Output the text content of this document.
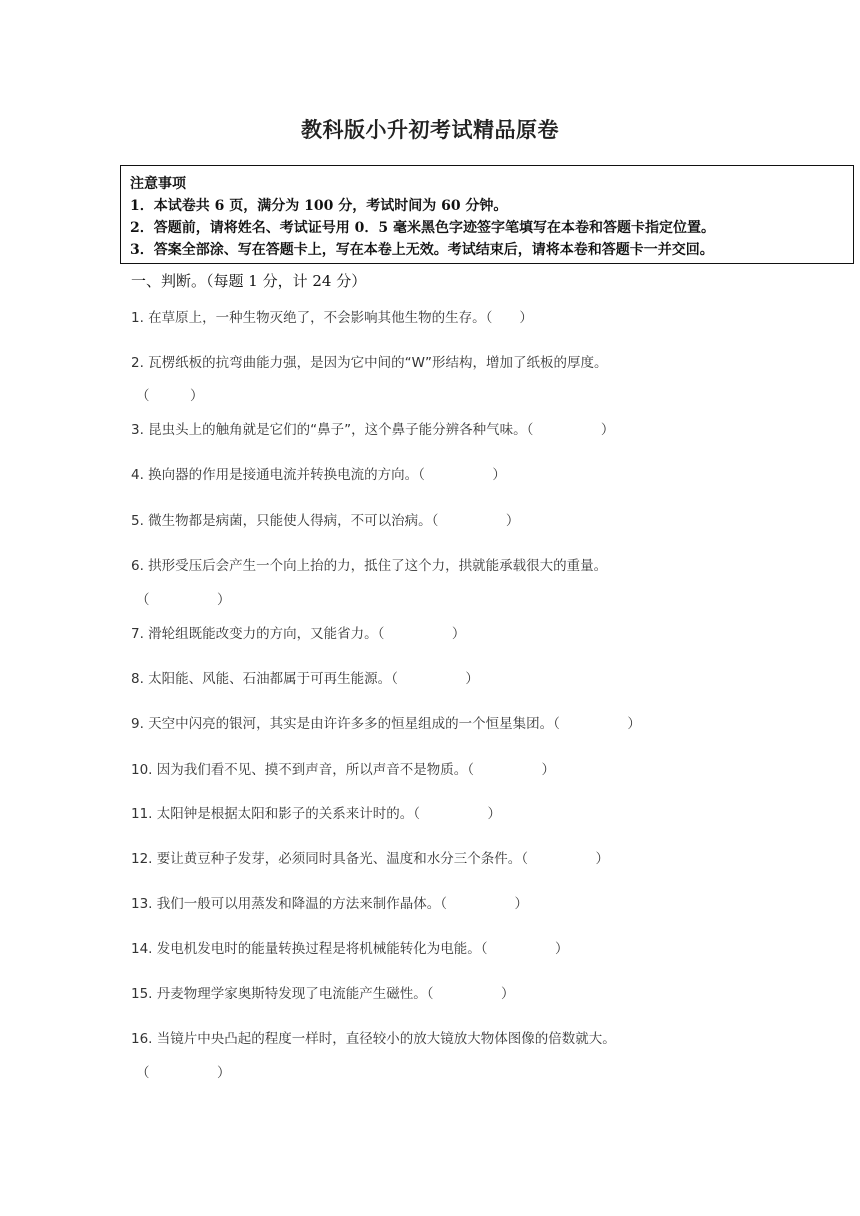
教科版小升初考试精品原卷
注意事项
1．本试卷共 6 页，满分为 100 分，考试时间为 60 分钟。
2．答题前，请将姓名、考试证号用 0．5 毫米黑色字迹签字笔填写在本卷和答题卡指定位置。
3．答案全部涂、写在答题卡上，写在本卷上无效。考试结束后，请将本卷和答题卡一并交回。
一、判断。（每题 1 分，计 24 分）
1. 在草原上，一种生物灭绝了，不会影响其他生物的生存。（　　）
2. 瓦楞纸板的抗弯曲能力强，是因为它中间的“W”形结构，增加了纸板的厚度。
（　　　）
3. 昆虫头上的触角就是它们的“鼻子”，这个鼻子能分辨各种气味。（　　　　　）
4. 换向器的作用是接通电流并转换电流的方向。（　　　　　）
5. 微生物都是病菌，只能使人得病，不可以治病。（　　　　　）
6. 拱形受压后会产生一个向上抬的力，抵住了这个力，拱就能承载很大的重量。
（　　　　　）
7. 滑轮组既能改变力的方向，又能省力。（　　　　　）
8. 太阳能、风能、石油都属于可再生能源。（　　　　　）
9. 天空中闪亮的银河，其实是由许许多多的恒星组成的一个恒星集团。（　　　　　）
10. 因为我们看不见、摸不到声音，所以声音不是物质。（　　　　　）
11. 太阳钟是根据太阳和影子的关系来计时的。（　　　　　）
12. 要让黄豆种子发芽，必须同时具备光、温度和水分三个条件。（　　　　　）
13. 我们一般可以用蒸发和降温的方法来制作晶体。（　　　　　）
14. 发电机发电时的能量转换过程是将机械能转化为电能。（　　　　　）
15. 丹麦物理学家奥斯特发现了电流能产生磁性。（　　　　　）
16. 当镜片中央凸起的程度一样时，直径较小的放大镜放大物体图像的倍数就大。
（　　　　　）
